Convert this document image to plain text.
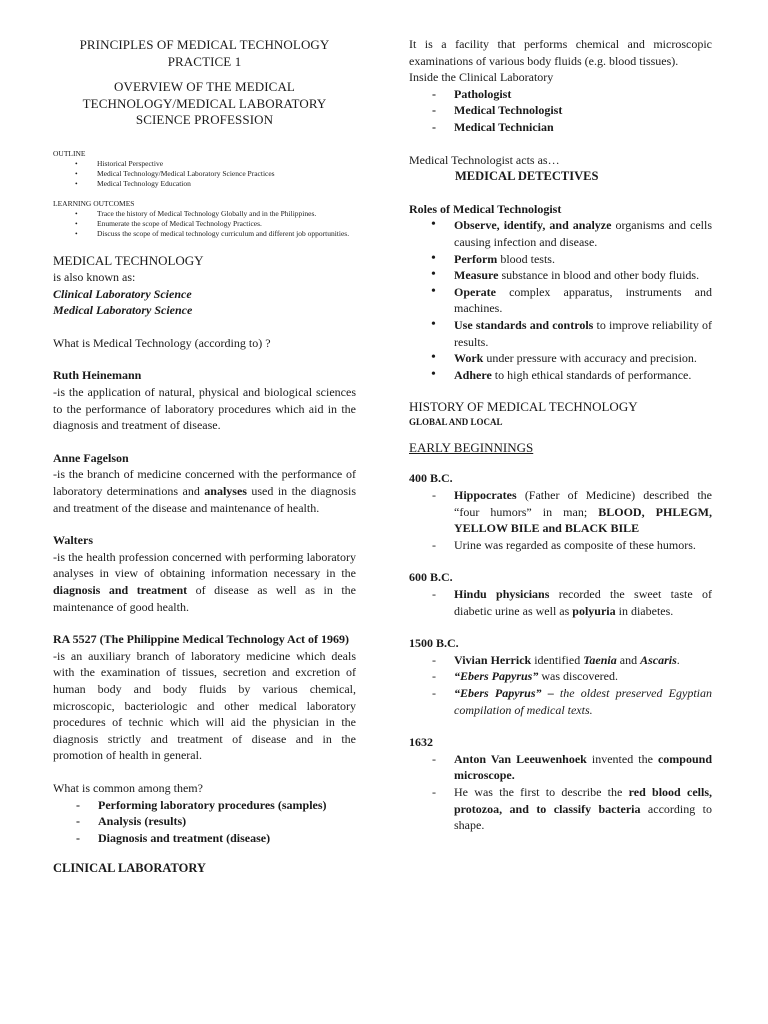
PRINCIPLES OF MEDICAL TECHNOLOGY
PRACTICE 1
OVERVIEW OF THE MEDICAL
TECHNOLOGY/MEDICAL LABORATORY
SCIENCE PROFESSION
OUTLINE
• Historical Perspective
• Medical Technology/Medical Laboratory Science Practices
• Medical Technology Education
LEARNING OUTCOMES
• Trace the history of Medical Technology Globally and in the Philippines.
• Enumerate the scope of Medical Technology Practices.
• Discuss the scope of medical technology curriculum and different job opportunities.
MEDICAL TECHNOLOGY
is also known as:
Clinical Laboratory Science
Medical Laboratory Science
What is Medical Technology (according to) ?
Ruth Heinemann
-is the application of natural, physical and biological sciences to the performance of laboratory procedures which aid in the diagnosis and treatment of disease.
Anne Fagelson
-is the branch of medicine concerned with the performance of laboratory determinations and analyses used in the diagnosis and treatment of the disease and maintenance of health.
Walters
-is the health profession concerned with performing laboratory analyses in view of obtaining information necessary in the diagnosis and treatment of disease as well as in the maintenance of good health.
RA 5527 (The Philippine Medical Technology Act of 1969)
-is an auxiliary branch of laboratory medicine which deals with the examination of tissues, secretion and excretion of human body and body fluids by various chemical, microscopic, bacteriologic and other medical laboratory procedures of technic which will aid the physician in the diagnosis strictly and treatment of disease and in the promotion of health in general.
What is common among them?
- Performing laboratory procedures (samples)
- Analysis (results)
- Diagnosis and treatment (disease)
CLINICAL LABORATORY
It is a facility that performs chemical and microscopic examinations of various body fluids (e.g. blood tissues).
Inside the Clinical Laboratory
- Pathologist
- Medical Technologist
- Medical Technician
Medical Technologist acts as…
MEDICAL DETECTIVES
Roles of Medical Technologist
• Observe, identify, and analyze organisms and cells causing infection and disease.
• Perform blood tests.
• Measure substance in blood and other body fluids.
• Operate complex apparatus, instruments and machines.
• Use standards and controls to improve reliability of results.
• Work under pressure with accuracy and precision.
• Adhere to high ethical standards of performance.
HISTORY OF MEDICAL TECHNOLOGY
GLOBAL AND LOCAL
EARLY BEGINNINGS
400 B.C.
- Hippocrates (Father of Medicine) described the “four humors” in man; BLOOD, PHLEGM, YELLOW BILE and BLACK BILE
- Urine was regarded as composite of these humors.
600 B.C.
- Hindu physicians recorded the sweet taste of diabetic urine as well as polyuria in diabetes.
1500 B.C.
- Vivian Herrick identified Taenia and Ascaris.
- “Ebers Papyrus” was discovered.
- “Ebers Papyrus” – the oldest preserved Egyptian compilation of medical texts.
1632
- Anton Van Leeuwenhoek invented the compound microscope.
- He was the first to describe the red blood cells, protozoa, and to classify bacteria according to shape.
